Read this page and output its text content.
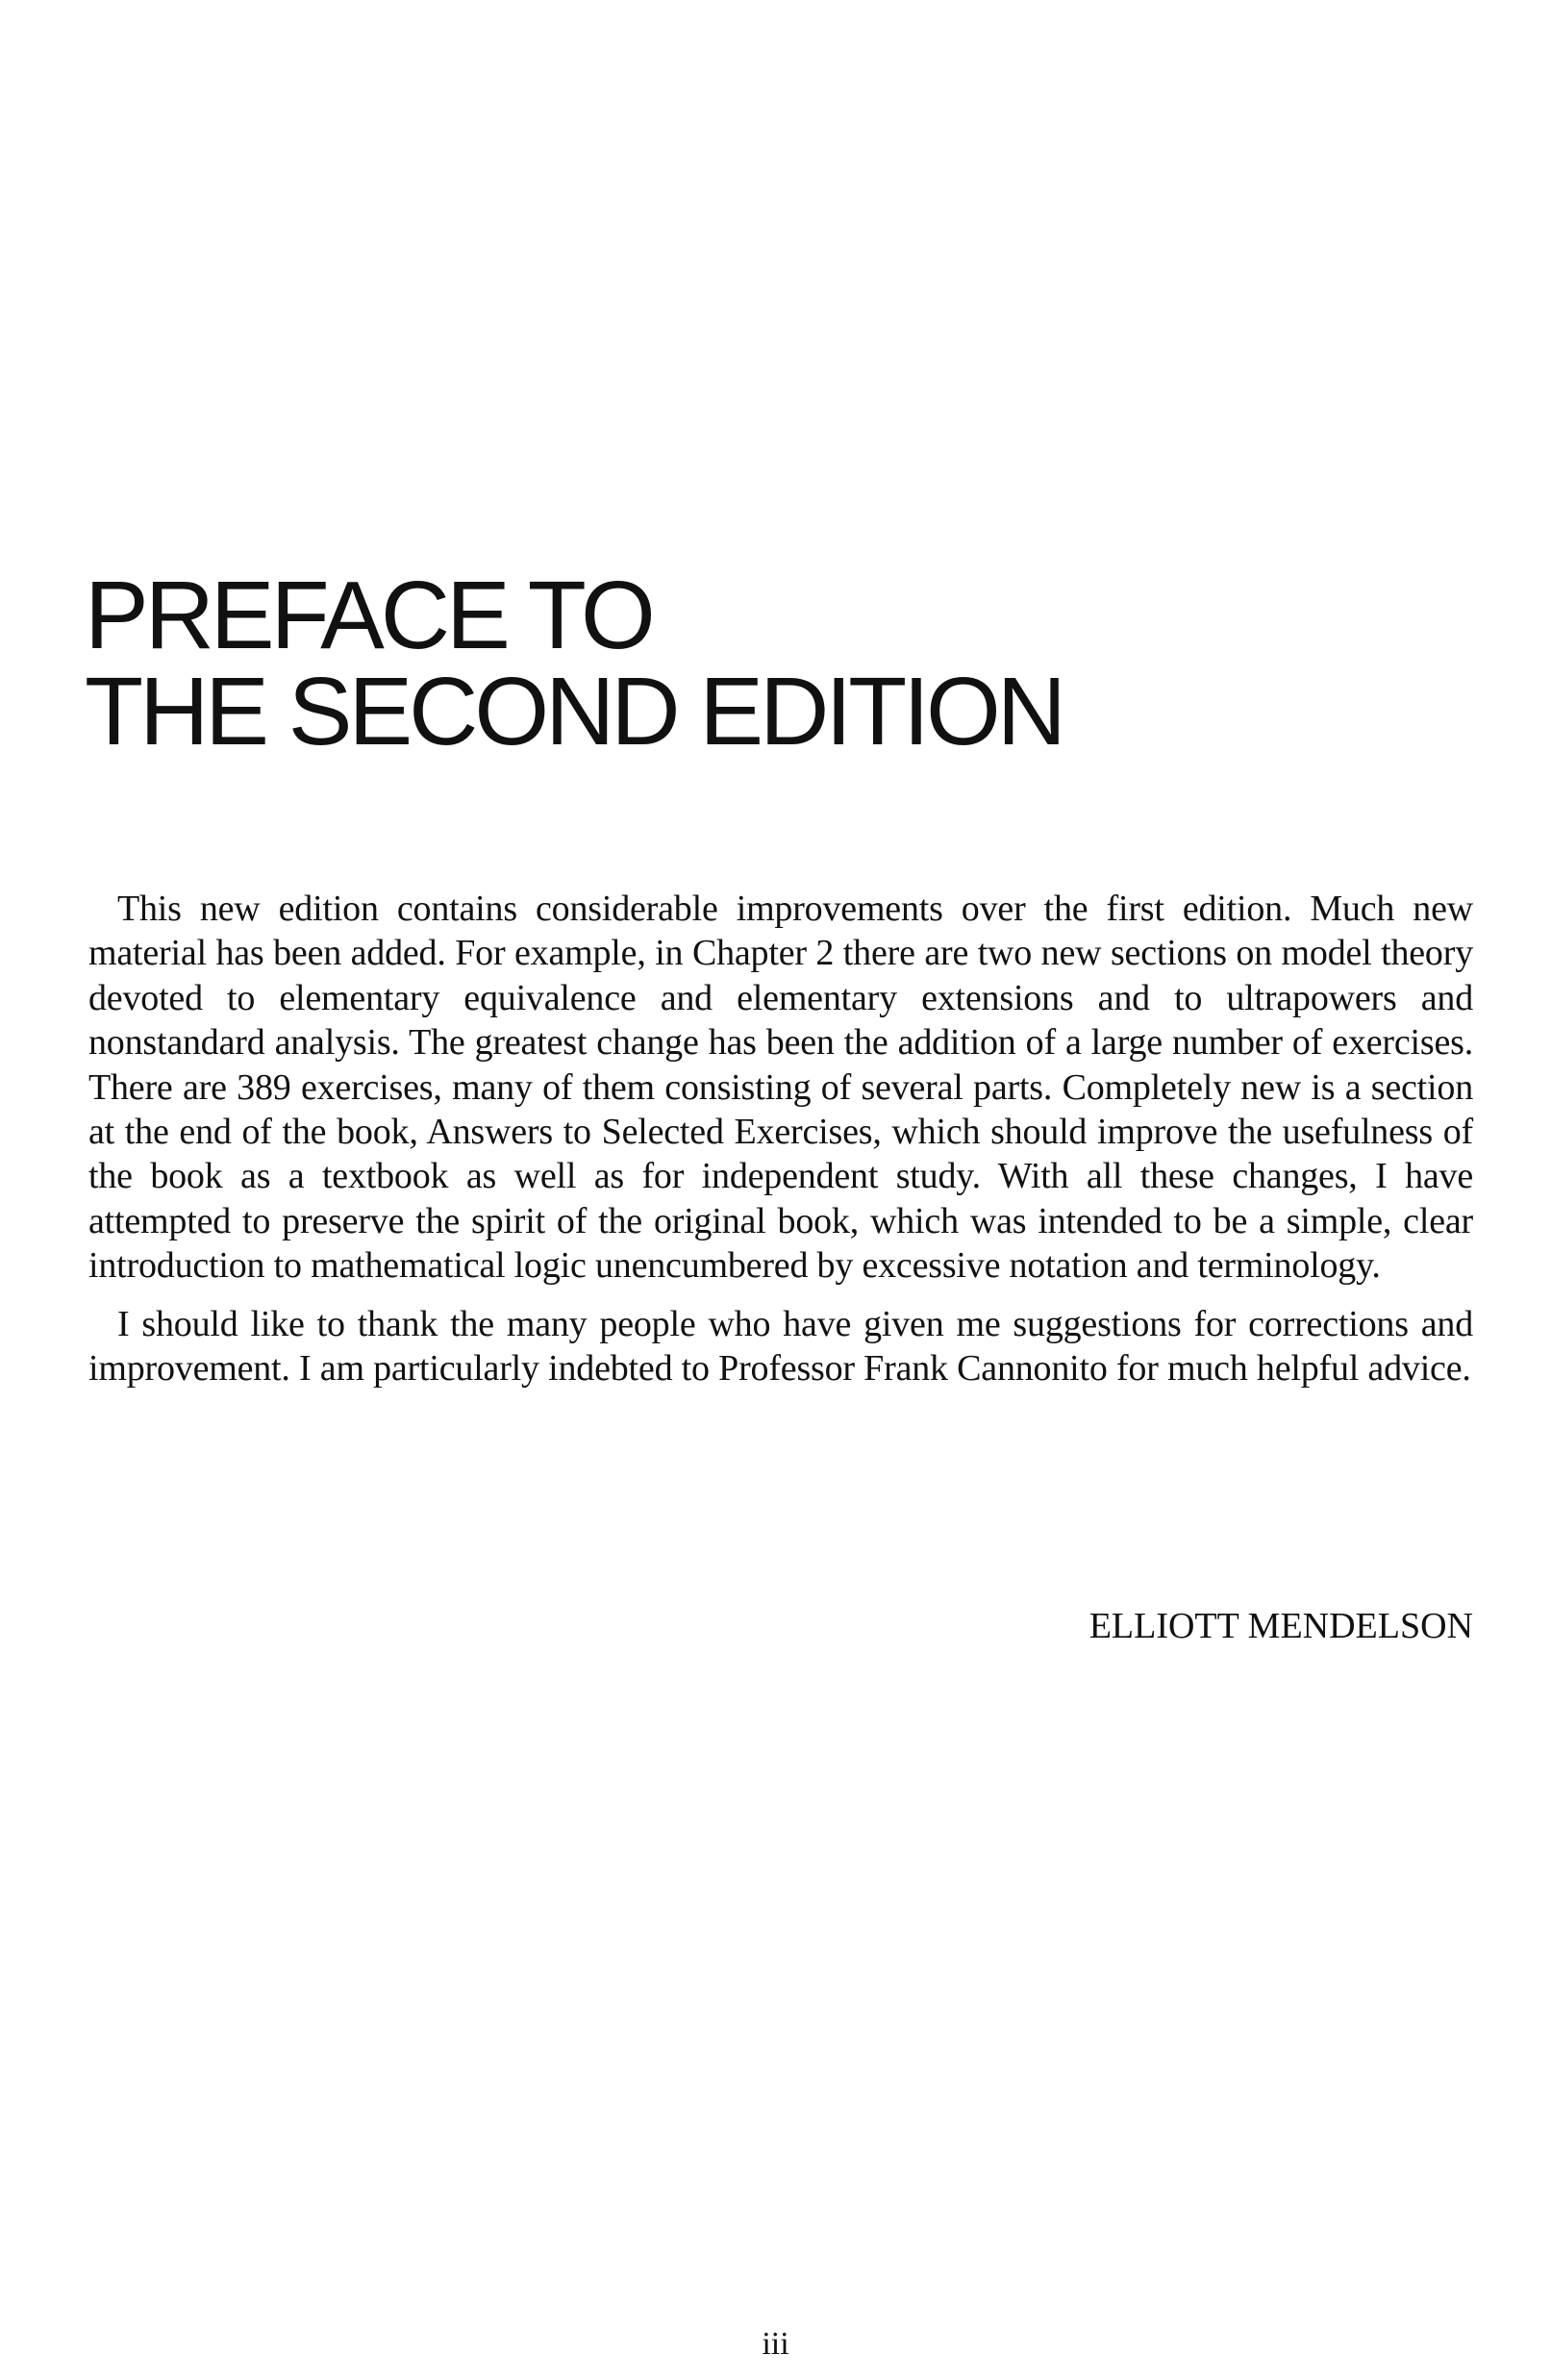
PREFACE TO
THE SECOND EDITION

This new edition contains considerable improvements over the first edition. Much new material has been added. For example, in Chapter 2 there are two new sections on model theory devoted to elementary equivalence and elementary extensions and to ultrapowers and nonstandard analysis. The greatest change has been the addition of a large number of exercises. There are 389 exercises, many of them consisting of several parts. Completely new is a section at the end of the book, Answers to Selected Exercises, which should improve the usefulness of the book as a textbook as well as for independent study. With all these changes, I have attempted to preserve the spirit of the original book, which was intended to be a simple, clear introduction to mathematical logic unencumbered by excessive notation and terminology.

I should like to thank the many people who have given me suggestions for corrections and improvement. I am particularly indebted to Professor Frank Cannonito for much helpful advice.

ELLIOTT MENDELSON
iii
